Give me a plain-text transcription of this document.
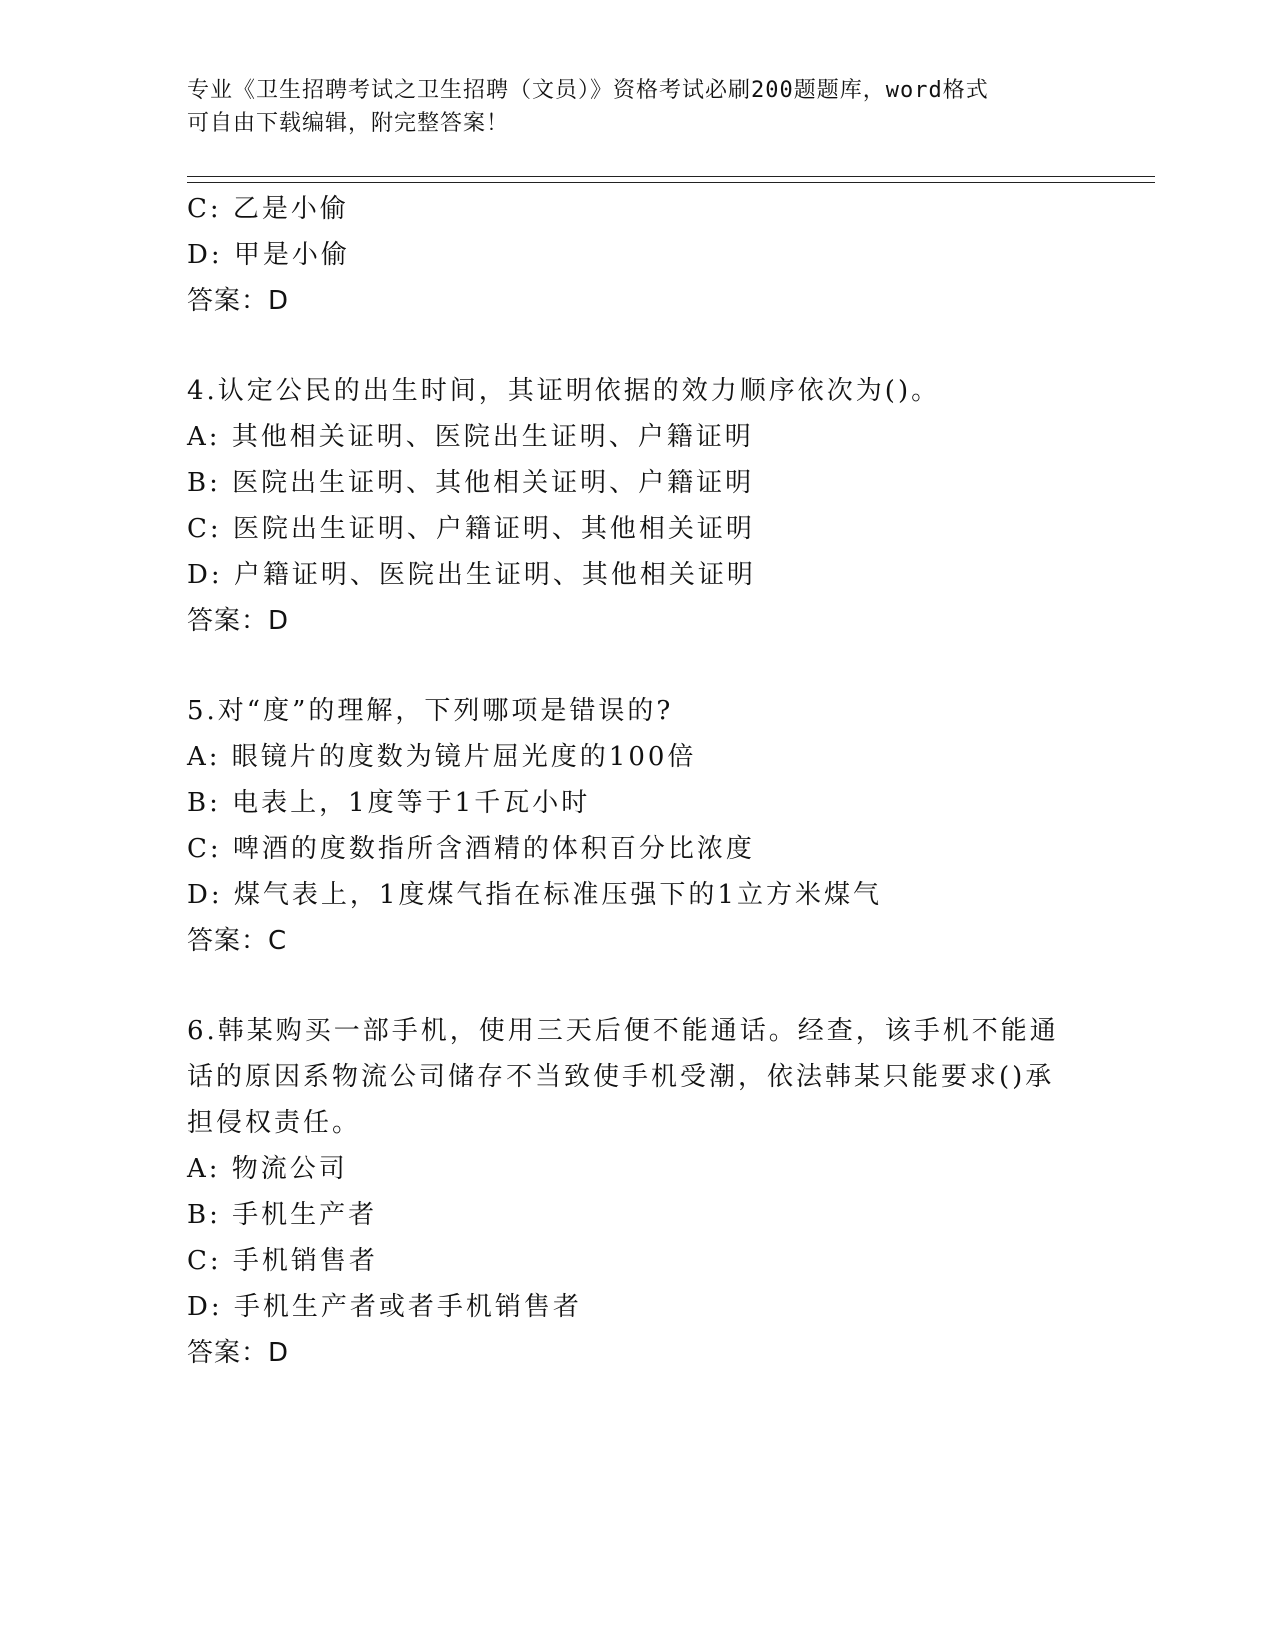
专业《卫生招聘考试之卫生招聘（文员）》资格考试必刷200题题库，word格式
可自由下载编辑，附完整答案！
C: 乙是小偷
D: 甲是小偷
答案：D
4.认定公民的出生时间，其证明依据的效力顺序依次为()。
A: 其他相关证明、医院出生证明、户籍证明
B: 医院出生证明、其他相关证明、户籍证明
C: 医院出生证明、户籍证明、其他相关证明
D: 户籍证明、医院出生证明、其他相关证明
答案：D
5.对“度”的理解，下列哪项是错误的?
A: 眼镜片的度数为镜片屈光度的100倍
B: 电表上，1度等于1千瓦小时
C: 啤酒的度数指所含酒精的体积百分比浓度
D: 煤气表上，1度煤气指在标准压强下的1立方米煤气
答案：C
6.韩某购买一部手机，使用三天后便不能通话。经查，该手机不能通
话的原因系物流公司储存不当致使手机受潮，依法韩某只能要求()承
担侵权责任。
A: 物流公司
B: 手机生产者
C: 手机销售者
D: 手机生产者或者手机销售者
答案：D
